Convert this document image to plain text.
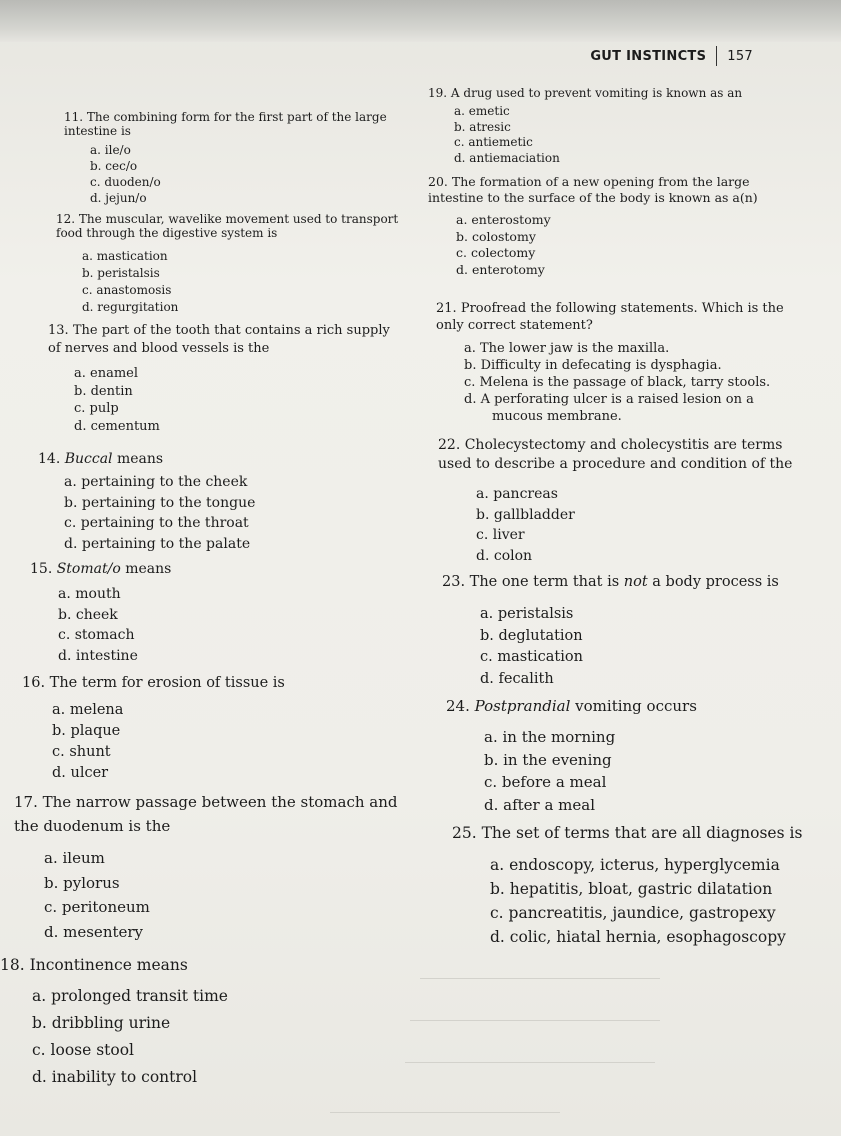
GUT INSTINCTS 157

11. The combining form for the first part of the large intestine is

a. ile/o

b. cec/o

c. duoden/o

d. jejun/o

12. The muscular, wavelike movement used to transport food through the digestive system is

a. mastication

b. peristalsis

c. anastomosis

d. regurgitation

13. The part of the tooth that contains a rich supply of nerves and blood vessels is the

a. enamel

b. dentin

c. pulp

d. cementum

14. Buccal means

a. pertaining to the cheek

b. pertaining to the tongue

c. pertaining to the throat

d. pertaining to the palate

15. Stomat/o means

a. mouth

b. cheek

c. stomach

d. intestine

16. The term for erosion of tissue is

a. melena

b. plaque

c. shunt

d. ulcer

17. The narrow passage between the stomach and the duodenum is the

a. ileum

b. pylorus

c. peritoneum

d. mesentery

18. Incontinence means

a. prolonged transit time

b. dribbling urine

c. loose stool

d. inability to control

19. A drug used to prevent vomiting is known as an

a. emetic

b. atresic

c. antiemetic

d. antiemaciation

20. The formation of a new opening from the large intestine to the surface of the body is known as a(n)

a. enterostomy

b. colostomy

c. colectomy

d. enterotomy

21. Proofread the following statements. Which is the only correct statement?

a. The lower jaw is the maxilla.

b. Difficulty in defecating is dysphagia.

c. Melena is the passage of black, tarry stools.

d. A perforating ulcer is a raised lesion on a

mucous membrane.

22. Cholecystectomy and cholecystitis are terms used to describe a procedure and condition of the

a. pancreas

b. gallbladder

c. liver

d. colon

23. The one term that is not a body process is

a. peristalsis

b. deglutation

c. mastication

d. fecalith

24. Postprandial vomiting occurs

a. in the morning

b. in the evening

c. before a meal

d. after a meal

25. The set of terms that are all diagnoses is

a. endoscopy, icterus, hyperglycemia

b. hepatitis, bloat, gastric dilatation

c. pancreatitis, jaundice, gastropexy

d. colic, hiatal hernia, esophagoscopy
